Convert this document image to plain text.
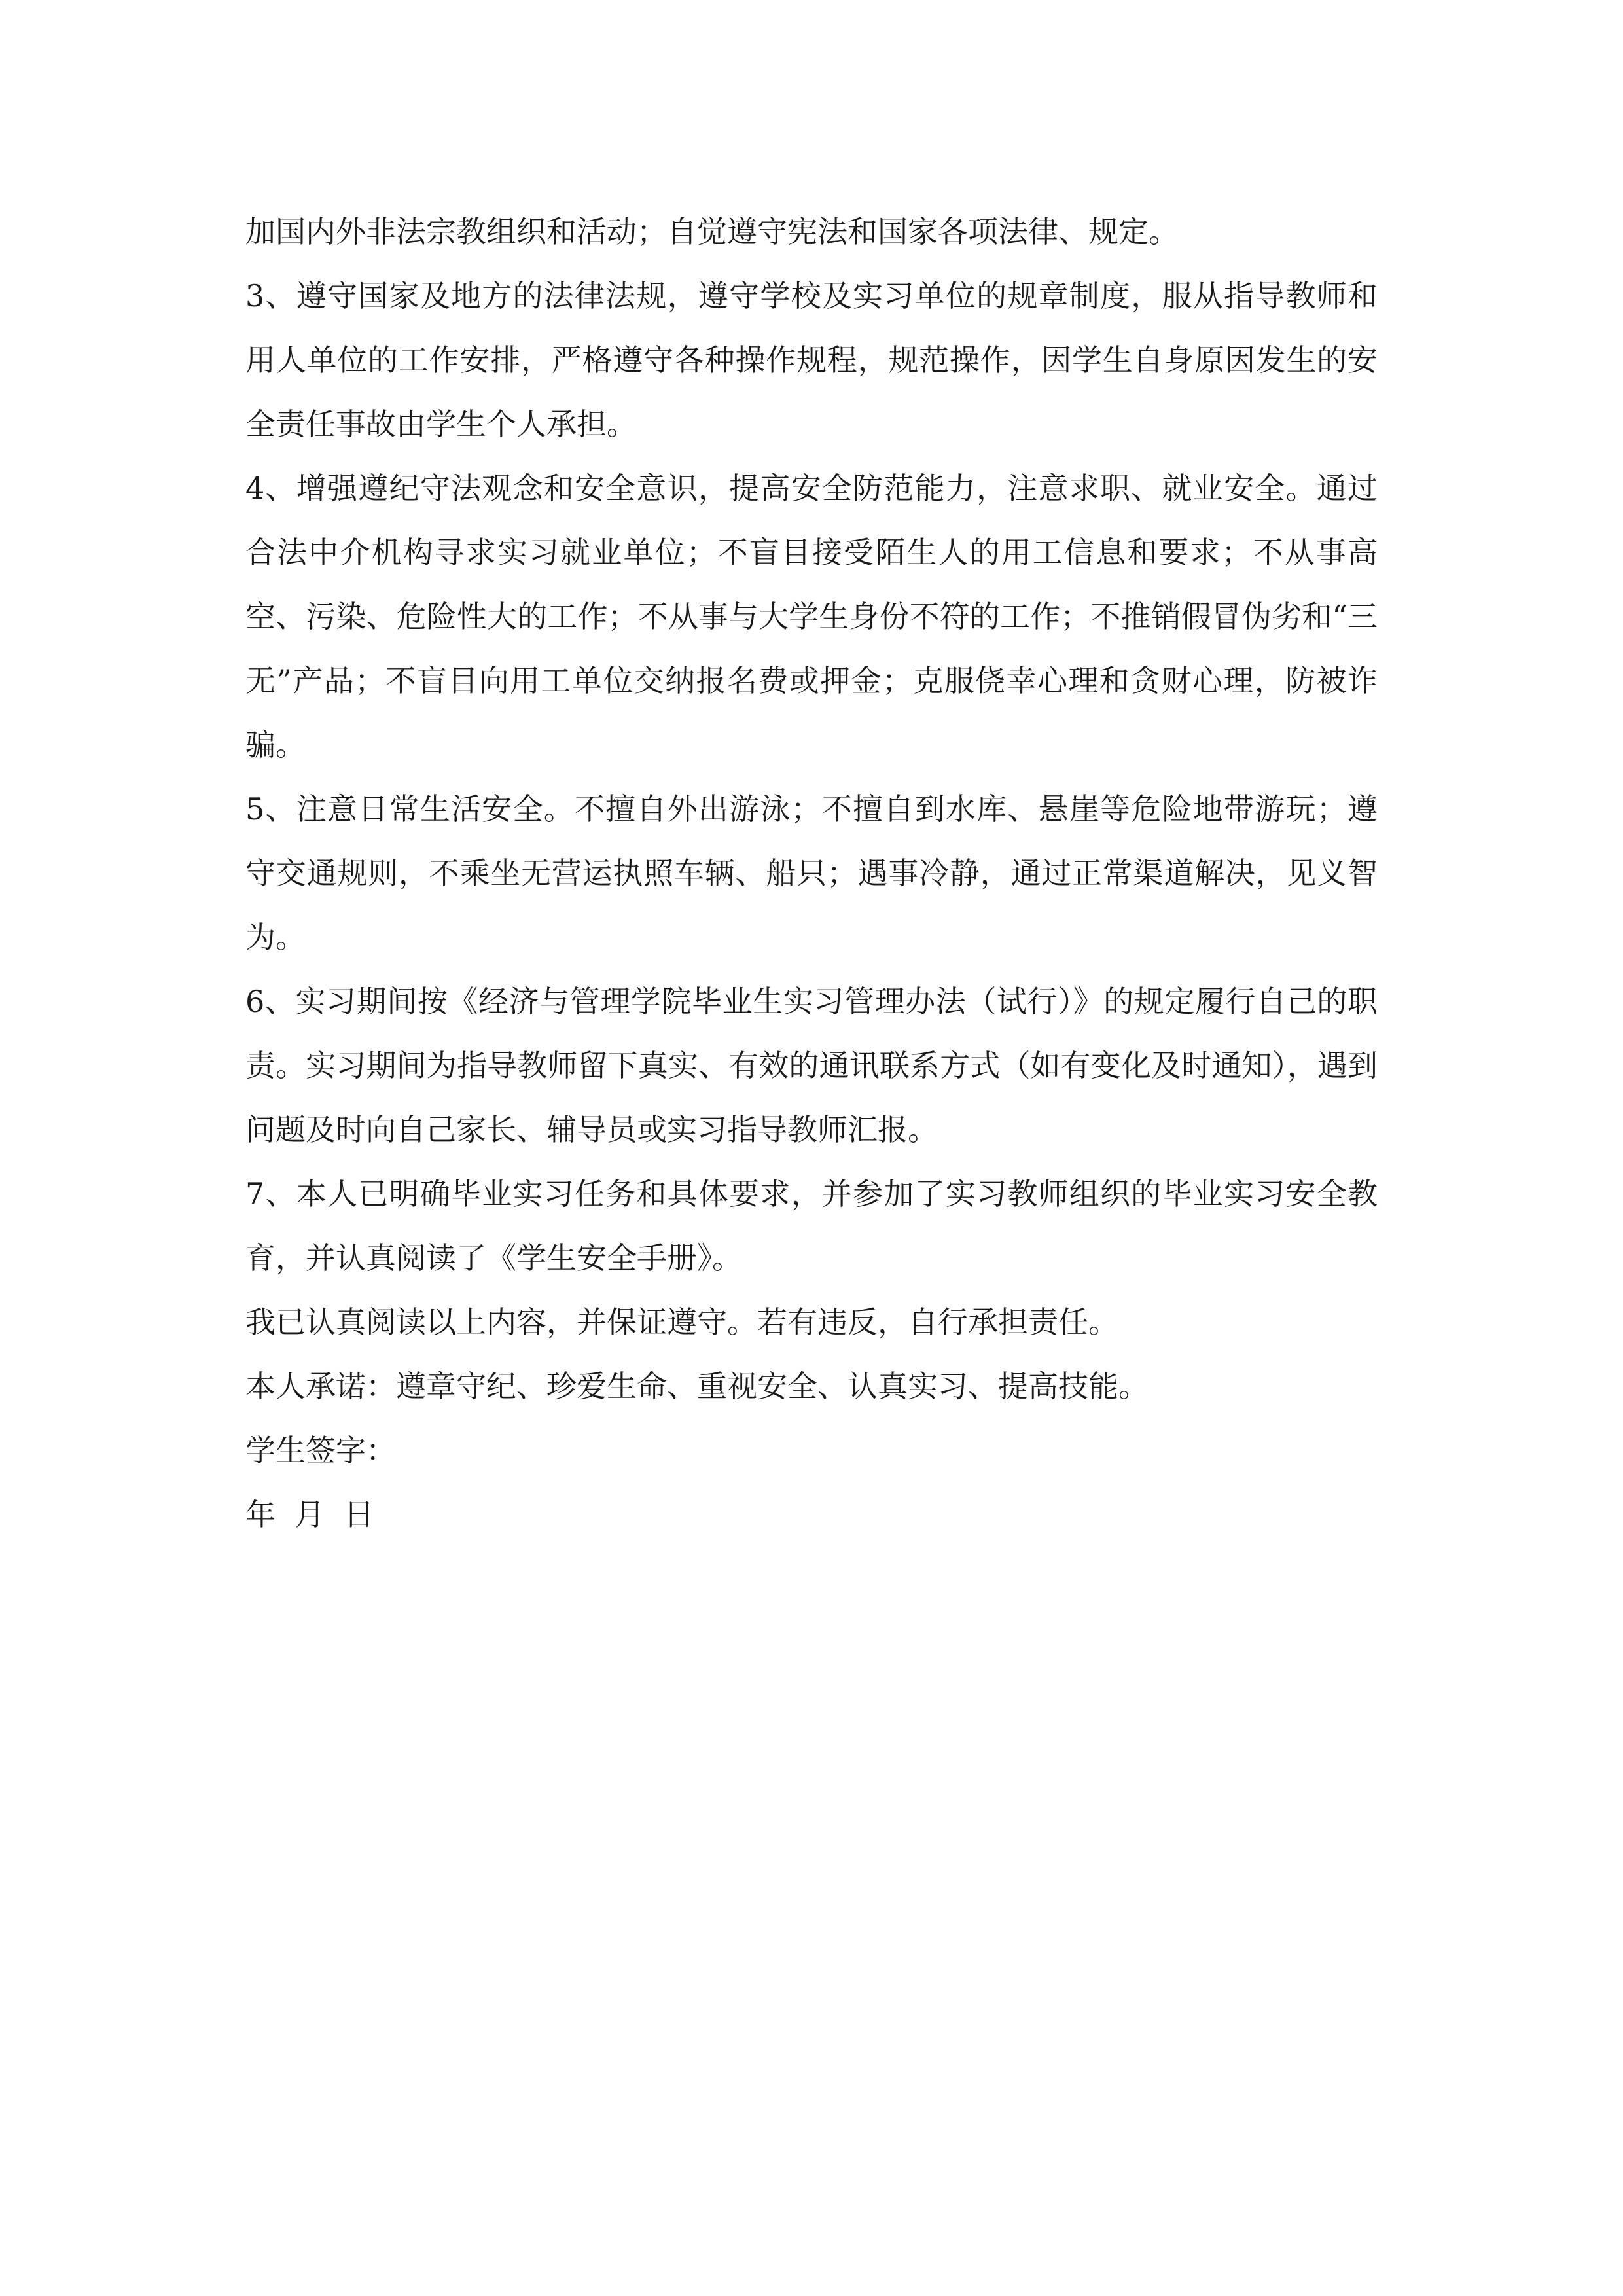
加国内外非法宗教组织和活动；自觉遵守宪法和国家各项法律、规定。

3、遵守国家及地方的法律法规，遵守学校及实习单位的规章制度，服从指导教师和用人单位的工作安排，严格遵守各种操作规程，规范操作，因学生自身原因发生的安全责任事故由学生个人承担。

4、增强遵纪守法观念和安全意识，提高安全防范能力，注意求职、就业安全。通过合法中介机构寻求实习就业单位；不盲目接受陌生人的用工信息和要求；不从事高空、污染、危险性大的工作；不从事与大学生身份不符的工作；不推销假冒伪劣和“三无”产品；不盲目向用工单位交纳报名费或押金；克服侥幸心理和贪财心理，防被诈骗。

5、注意日常生活安全。不擅自外出游泳；不擅自到水库、悬崖等危险地带游玩；遵守交通规则，不乘坐无营运执照车辆、船只；遇事冷静，通过正常渠道解决，见义智为。

6、实习期间按《经济与管理学院毕业生实习管理办法（试行）》的规定履行自己的职责。实习期间为指导教师留下真实、有效的通讯联系方式（如有变化及时通知），遇到问题及时向自己家长、辅导员或实习指导教师汇报。

7、本人已明确毕业实习任务和具体要求，并参加了实习教师组织的毕业实习安全教育，并认真阅读了《学生安全手册》。

我已认真阅读以上内容，并保证遵守。若有违反，自行承担责任。

本人承诺：遵章守纪、珍爱生命、重视安全、认真实习、提高技能。

学生签字：

年  月  日
